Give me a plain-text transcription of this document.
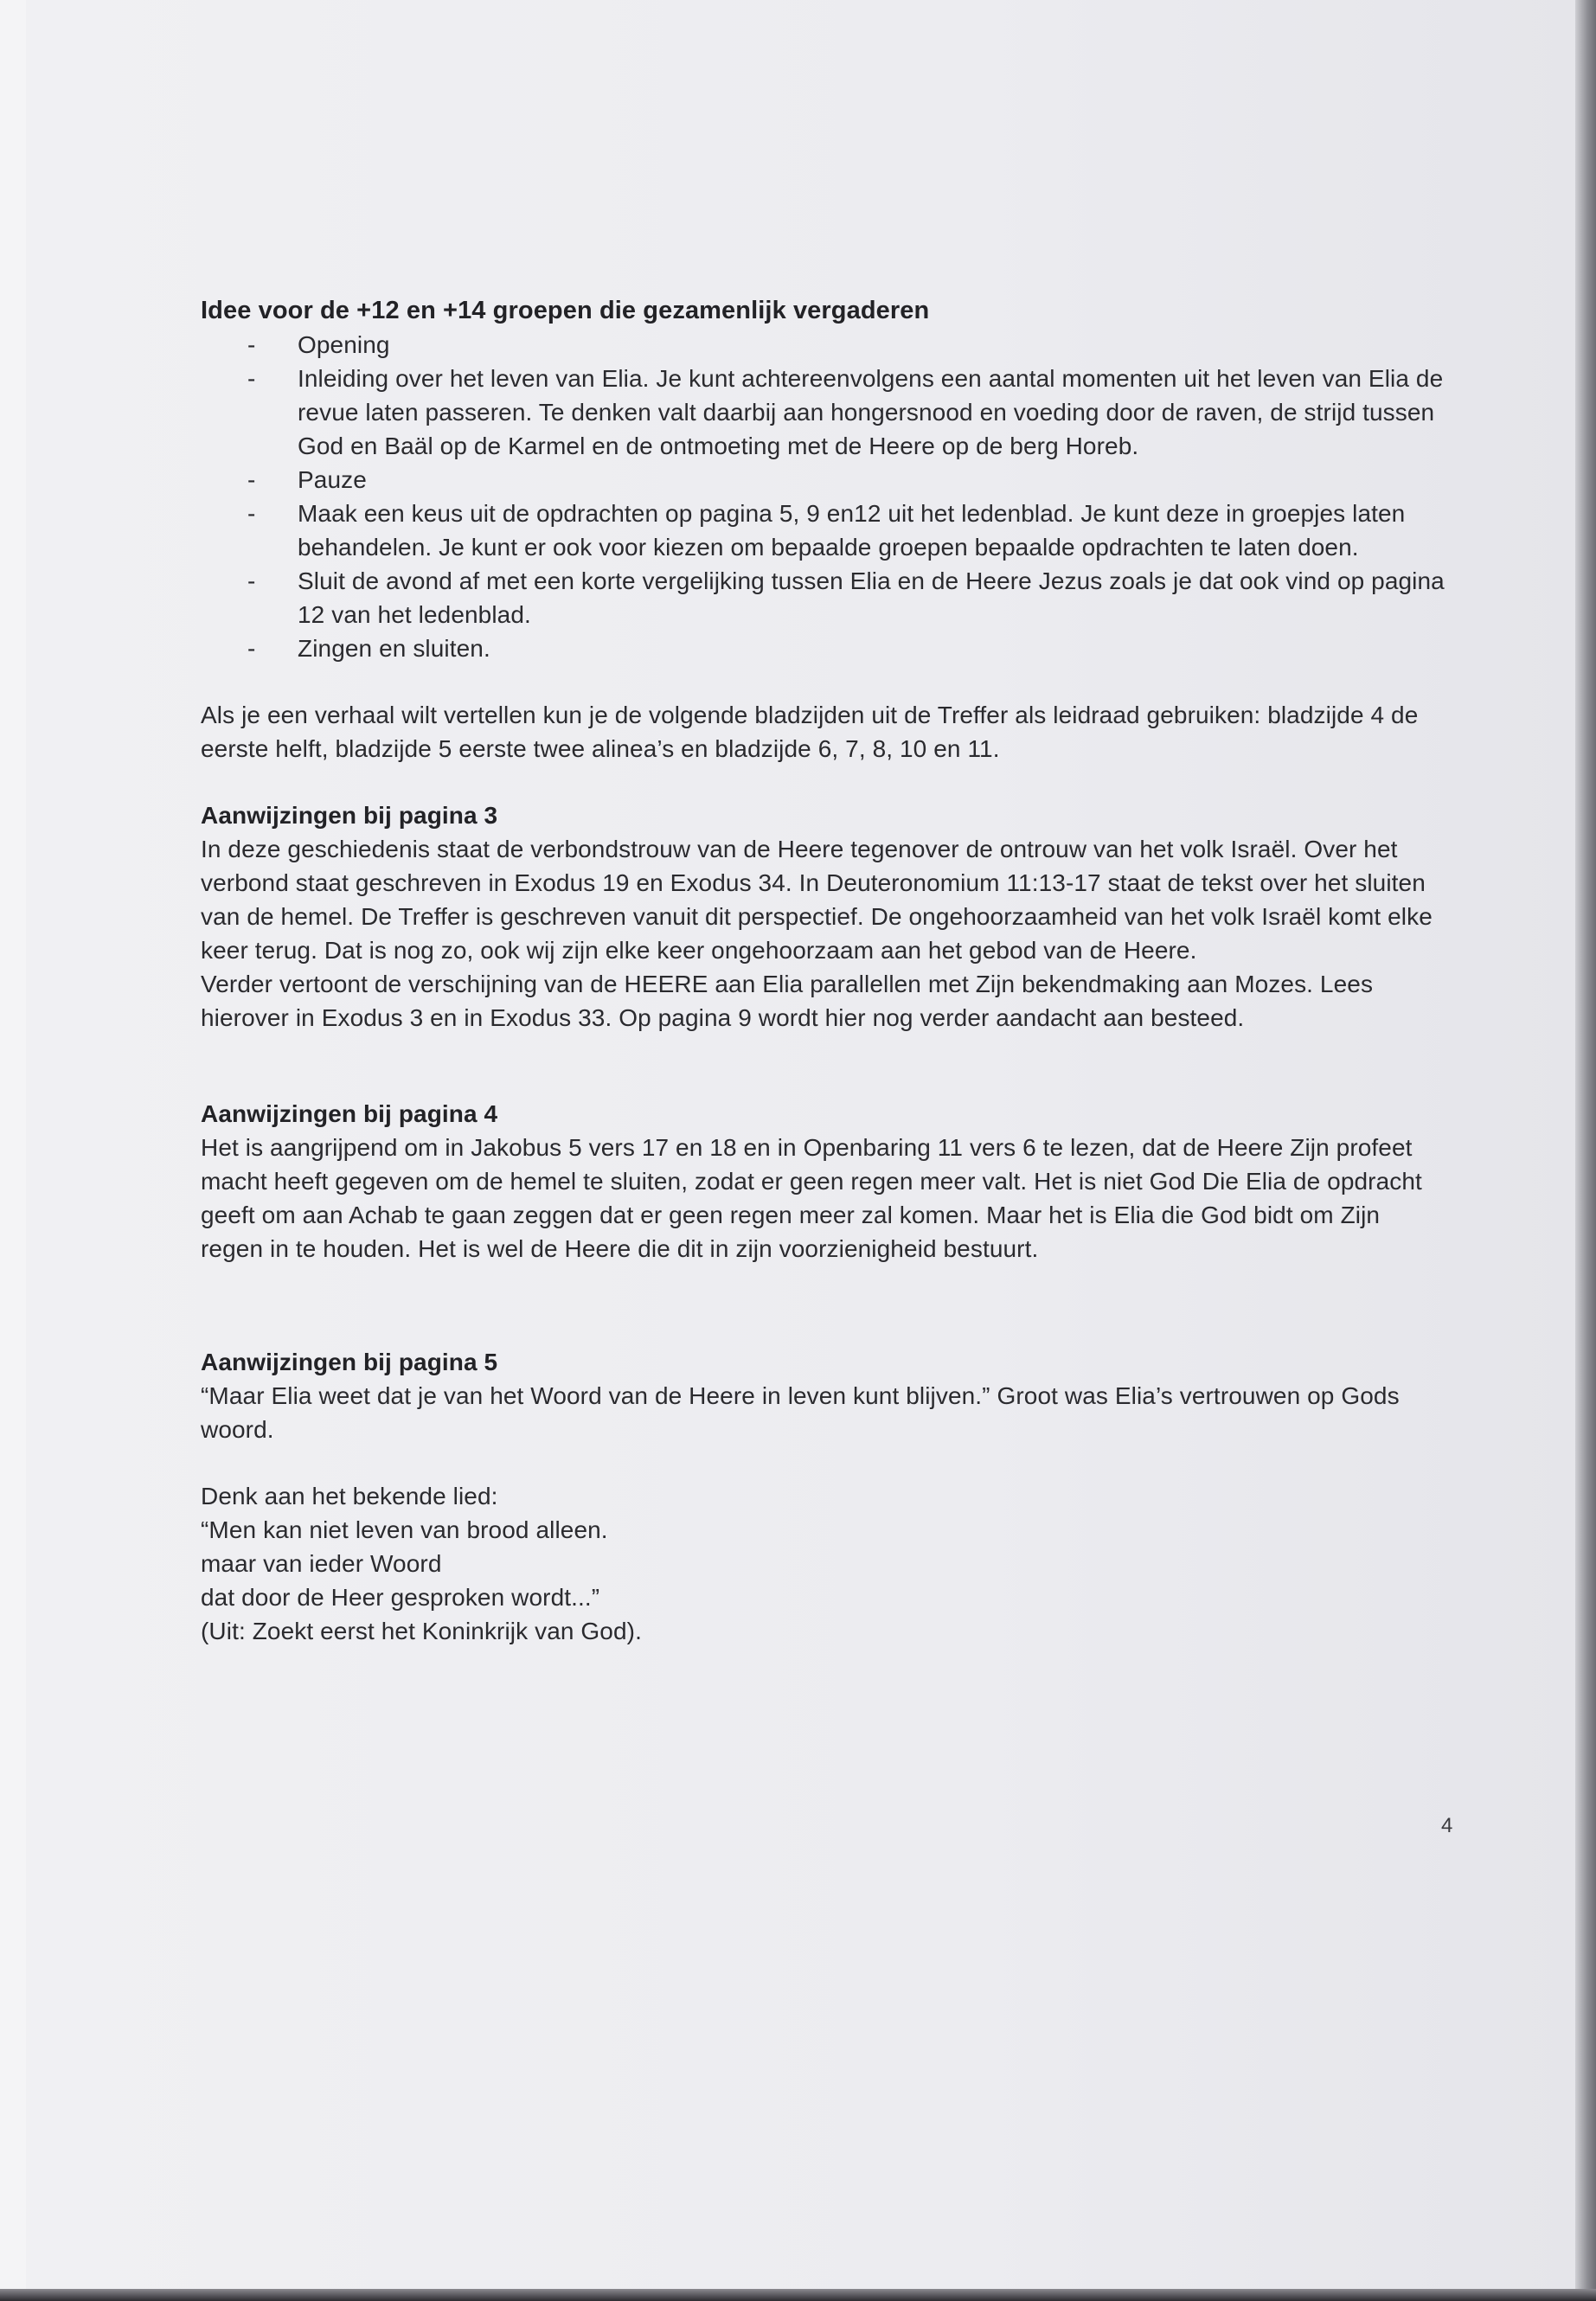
Idee voor de +12 en +14 groepen die gezamenlijk vergaderen
- Opening
- Inleiding over het leven van Elia. Je kunt achtereenvolgens een aantal momenten uit het leven van Elia de revue laten passeren. Te denken valt daarbij aan hongersnood en voeding door de raven, de strijd tussen God en Baäl op de Karmel en de ontmoeting met de Heere op de berg Horeb.
- Pauze
- Maak een keus uit de opdrachten op pagina 5, 9 en12 uit het ledenblad. Je kunt deze in groepjes laten behandelen. Je kunt er ook voor kiezen om bepaalde groepen bepaalde opdrachten te laten doen.
- Sluit de avond af met een korte vergelijking tussen Elia en de Heere Jezus zoals je dat ook vind op pagina 12 van het ledenblad.
- Zingen en sluiten.

Als je een verhaal wilt vertellen kun je de volgende bladzijden uit de Treffer als leidraad gebruiken: bladzijde 4 de eerste helft, bladzijde 5 eerste twee alinea’s en bladzijde 6, 7, 8, 10 en 11.

Aanwijzingen bij pagina 3

In deze geschiedenis staat de verbondstrouw van de Heere tegenover de ontrouw van het volk Israël. Over het verbond staat geschreven in Exodus 19 en Exodus 34. In Deuteronomium 11:13-17 staat de tekst over het sluiten van de hemel. De Treffer is geschreven vanuit dit perspectief. De ongehoorzaamheid van het volk Israël komt elke keer terug. Dat is nog zo, ook wij zijn elke keer ongehoorzaam aan het gebod van de Heere.

Verder vertoont de verschijning van de HEERE aan Elia parallellen met Zijn bekendmaking aan Mozes. Lees hierover in Exodus 3 en in Exodus 33. Op pagina 9 wordt hier nog verder aandacht aan besteed.

Aanwijzingen bij pagina 4

Het is aangrijpend om in Jakobus 5 vers 17 en 18 en in Openbaring 11 vers 6 te lezen, dat de Heere Zijn profeet macht heeft gegeven om de hemel te sluiten, zodat er geen regen meer valt. Het is niet God Die Elia de opdracht geeft om aan Achab te gaan zeggen dat er geen regen meer zal komen. Maar het is Elia die God bidt om Zijn regen in te houden. Het is wel de Heere die dit in zijn voorzienigheid bestuurt.

Aanwijzingen bij pagina 5

“Maar Elia weet dat je van het Woord van de Heere in leven kunt blijven.” Groot was Elia’s vertrouwen op Gods woord.

Denk aan het bekende lied:

“Men kan niet leven van brood alleen.
maar van ieder Woord
dat door de Heer gesproken wordt...”
(Uit: Zoekt eerst het Koninkrijk van God).
4
